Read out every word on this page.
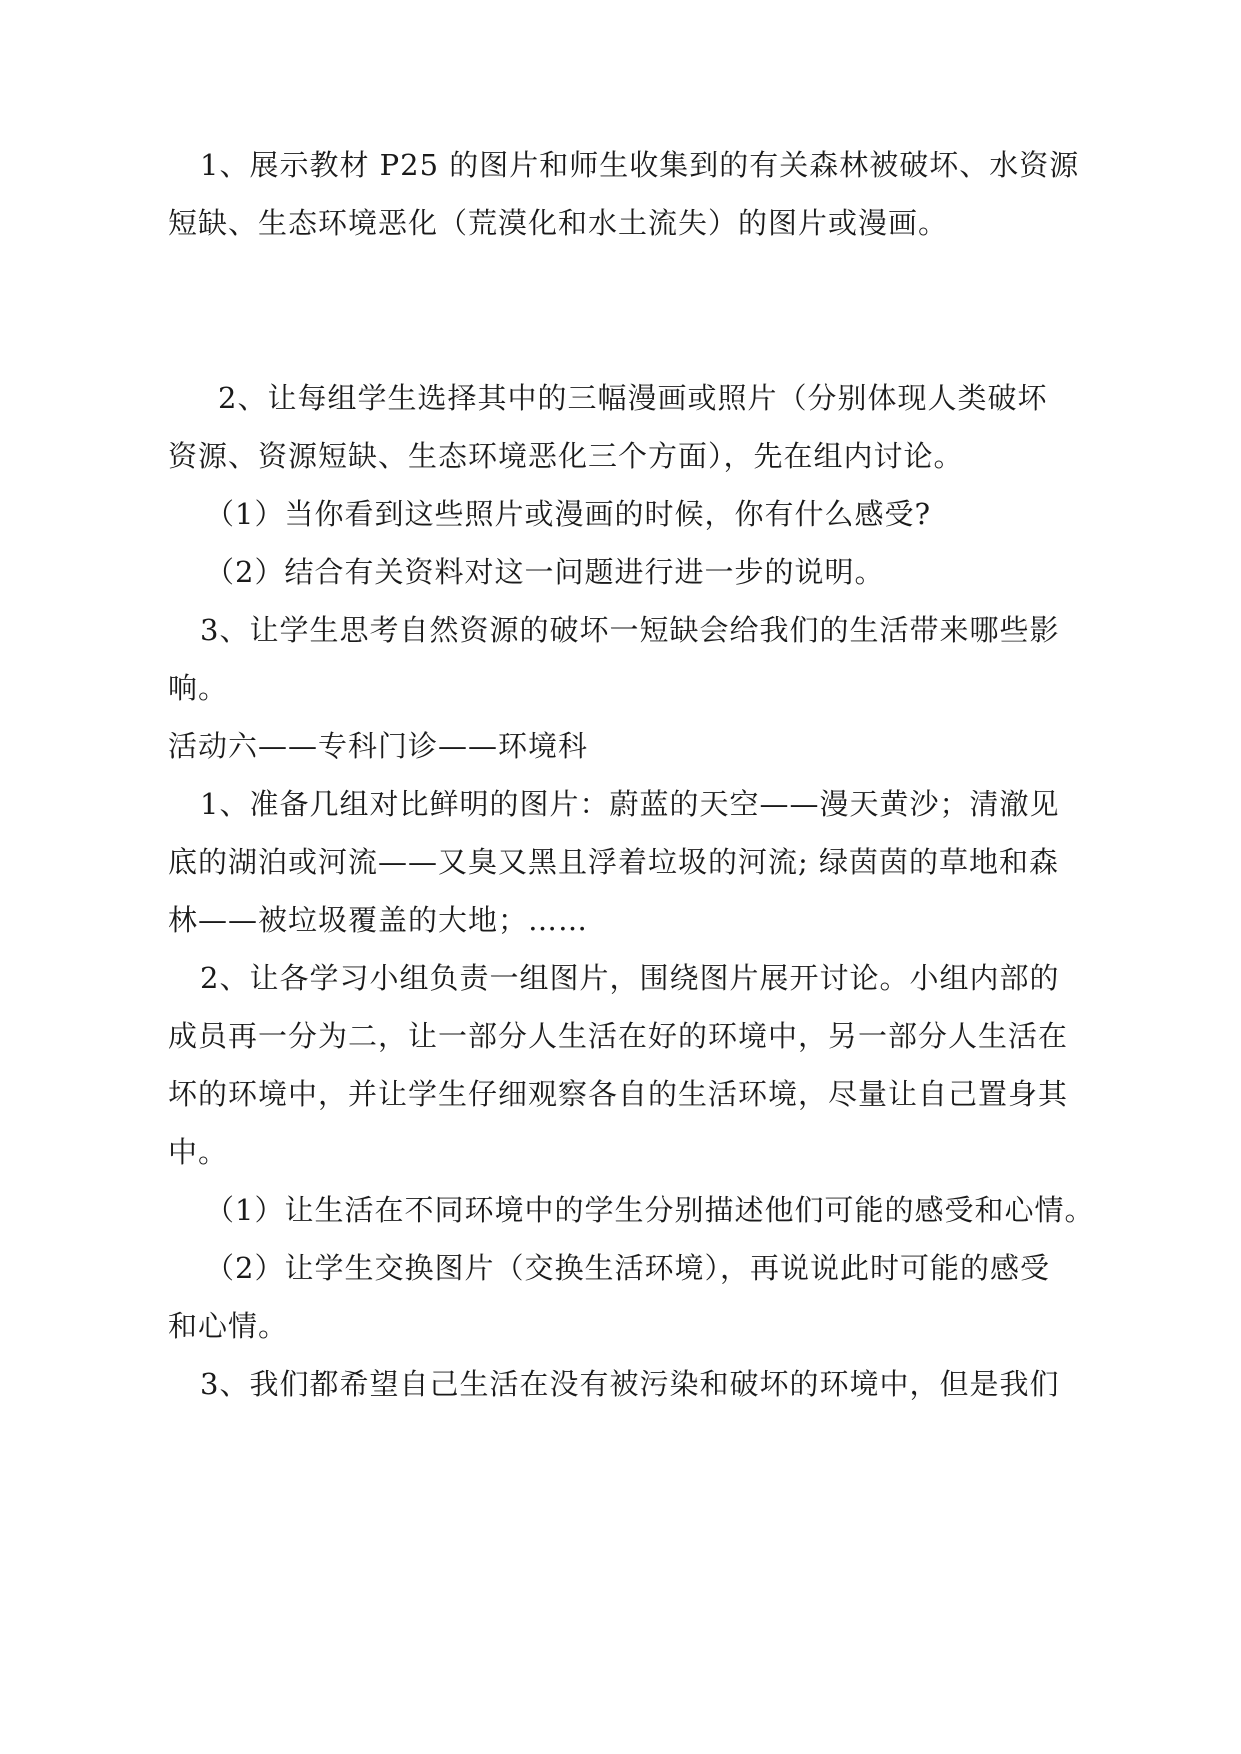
1、展示教材 P25 的图片和师生收集到的有关森林被破坏、水资源
短缺、生态环境恶化（荒漠化和水土流失）的图片或漫画。
2、让每组学生选择其中的三幅漫画或照片（分别体现人类破坏
资源、资源短缺、生态环境恶化三个方面），先在组内讨论。
（1）当你看到这些照片或漫画的时候，你有什么感受?
（2）结合有关资料对这一问题进行进一步的说明。
3、让学生思考自然资源的破坏一短缺会给我们的生活带来哪些影
响。
活动六——专科门诊——环境科
1、准备几组对比鲜明的图片：蔚蓝的天空——漫天黄沙；清澈见
底的湖泊或河流——又臭又黑且浮着垃圾的河流; 绿茵茵的草地和森
林——被垃圾覆盖的大地；……
2、让各学习小组负责一组图片，围绕图片展开讨论。小组内部的
成员再一分为二，让一部分人生活在好的环境中，另一部分人生活在
坏的环境中，并让学生仔细观察各自的生活环境，尽量让自己置身其
中。
（1）让生活在不同环境中的学生分别描述他们可能的感受和心情。
（2）让学生交换图片（交换生活环境），再说说此时可能的感受
和心情。
3、我们都希望自己生活在没有被污染和破坏的环境中，但是我们
